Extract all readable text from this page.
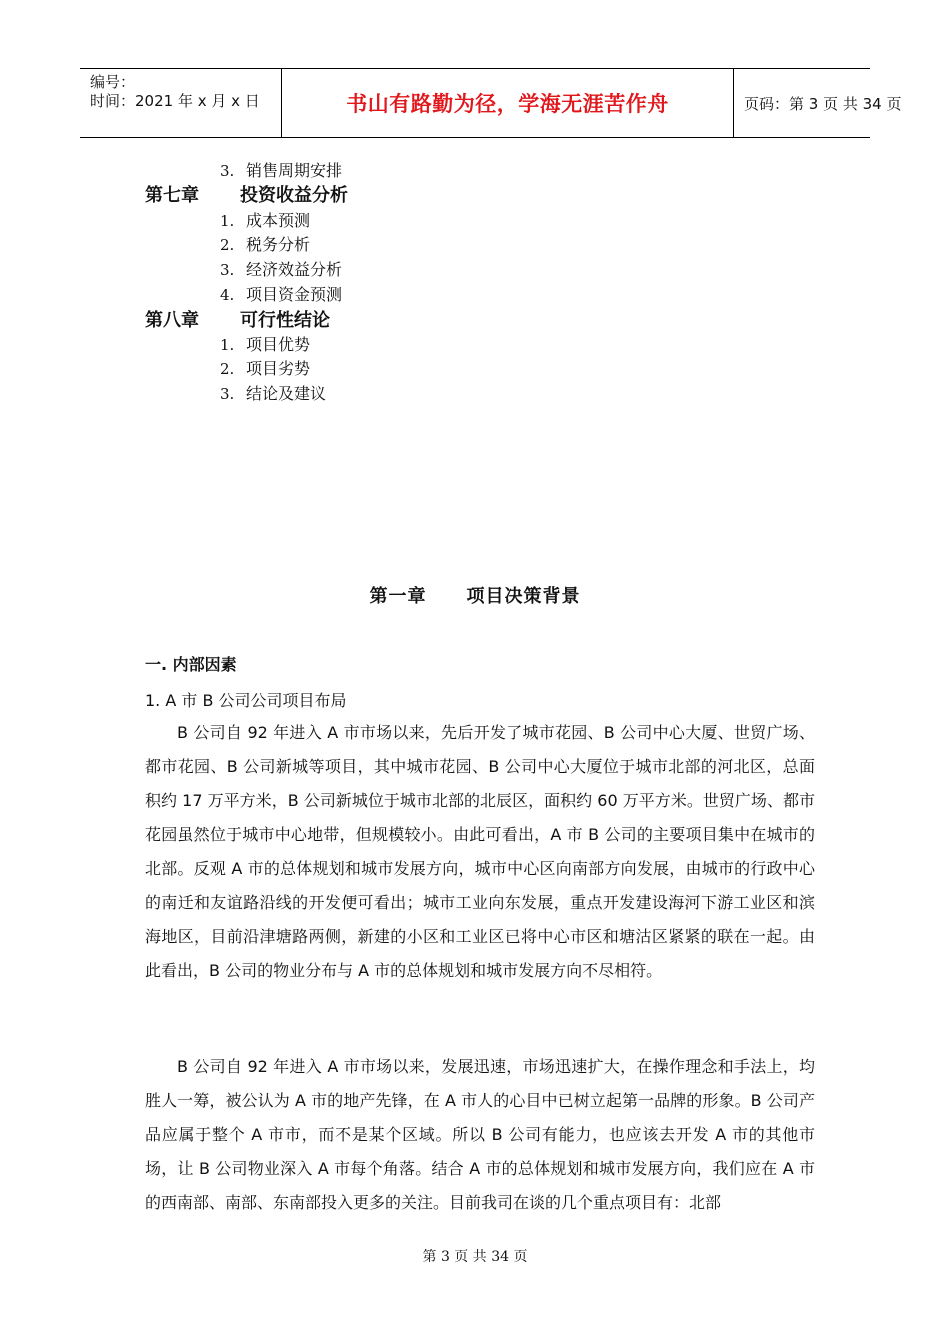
编号：
时间：2021 年 x 月 x 日	书山有路勤为径，学海无涯苦作舟	页码：第 3 页 共 34 页
3. 销售周期安排
第七章 投资收益分析
1. 成本预测
2. 税务分析
3. 经济效益分析
4. 项目资金预测
第八章 可行性结论
1. 项目优势
2. 项目劣势
3. 结论及建议
第一章 项目决策背景
一. 内部因素
1. A 市 B 公司公司项目布局

B 公司自 92 年进入 A 市市场以来，先后开发了城市花园、B 公司中心大厦、世贸广场、都市花园、B 公司新城等项目，其中城市花园、B 公司中心大厦位于城市北部的河北区，总面积约 17 万平方米，B 公司新城位于城市北部的北辰区，面积约 60 万平方米。世贸广场、都市花园虽然位于城市中心地带，但规模较小。由此可看出，A 市 B 公司的主要项目集中在城市的北部。反观 A 市的总体规划和城市发展方向，城市中心区向南部方向发展，由城市的行政中心的南迁和友谊路沿线的开发便可看出；城市工业向东发展，重点开发建设海河下游工业区和滨海地区，目前沿津塘路两侧，新建的小区和工业区已将中心市区和塘沽区紧紧的联在一起。由此看出，B 公司的物业分布与 A 市的总体规划和城市发展方向不尽相符。

B 公司自 92 年进入 A 市市场以来，发展迅速，市场迅速扩大，在操作理念和手法上，均胜人一筹，被公认为 A 市的地产先锋，在 A 市人的心目中已树立起第一品牌的形象。B 公司产品应属于整个 A 市市，而不是某个区域。所以 B 公司有能力，也应该去开发 A 市的其他市场，让 B 公司物业深入 A 市每个角落。结合 A 市的总体规划和城市发展方向，我们应在 A 市的西南部、南部、东南部投入更多的关注。目前我司在谈的几个重点项目有：北部

第 3 页 共 34 页
